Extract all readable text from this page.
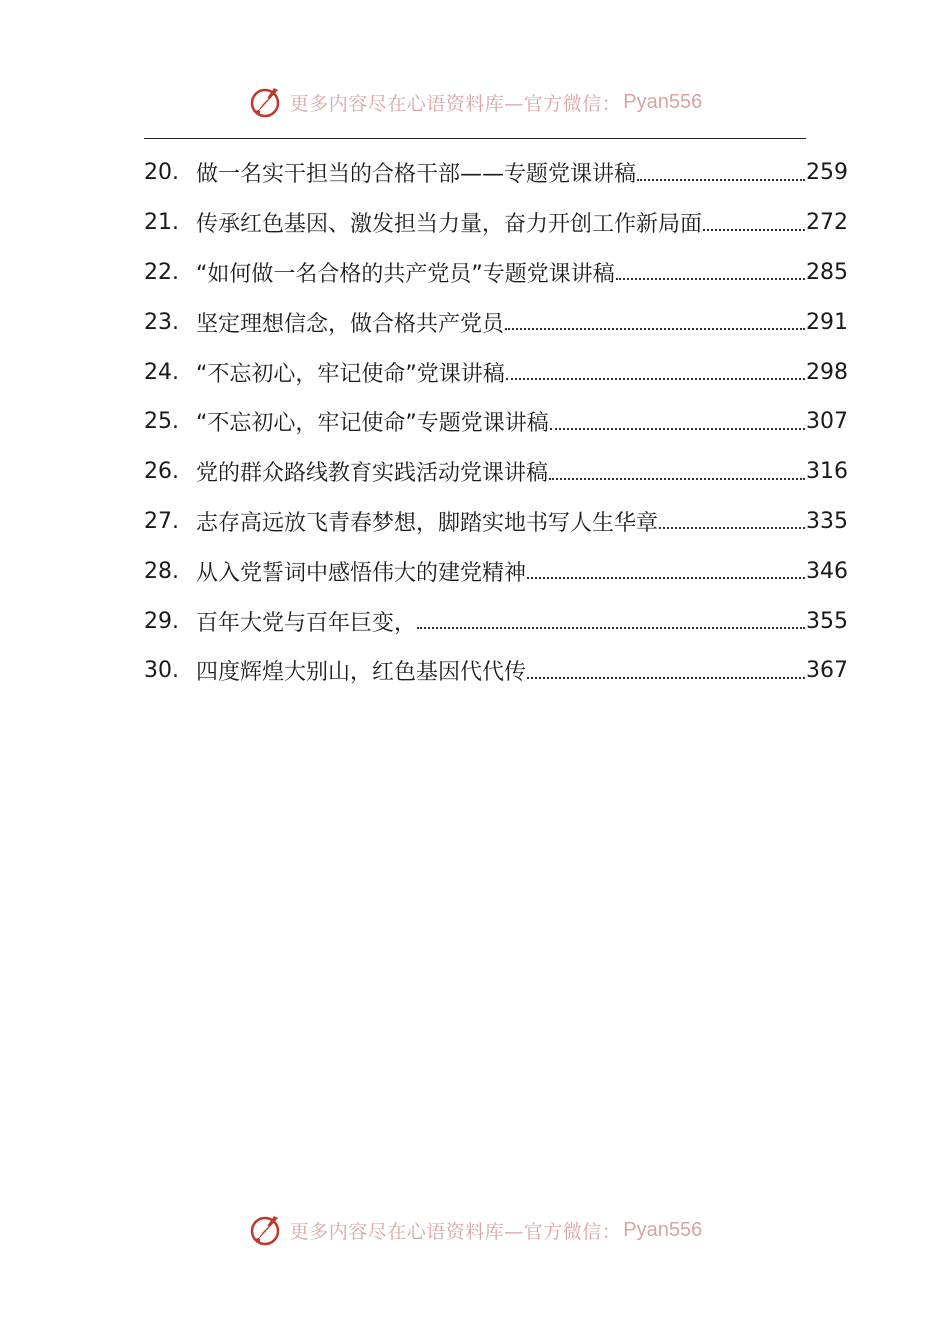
更多内容尽在心语资料库—官方微信： Pyan556
20. 做一名实干担当的合格干部——专题党课讲稿	259
21. 传承红色基因、激发担当力量，奋力开创工作新局面	272
22. “如何做一名合格的共产党员”专题党课讲稿	285
23. 坚定理想信念，做合格共产党员	291
24. “不忘初心，牢记使命”党课讲稿	298
25. “不忘初心，牢记使命”专题党课讲稿	307
26. 党的群众路线教育实践活动党课讲稿	316
27. 志存高远放飞青春梦想，脚踏实地书写人生华章	335
28. 从入党誓词中感悟伟大的建党精神	346
29. 百年大党与百年巨变，	355
30. 四度辉煌大别山，红色基因代代传	367
更多内容尽在心语资料库—官方微信： Pyan556
